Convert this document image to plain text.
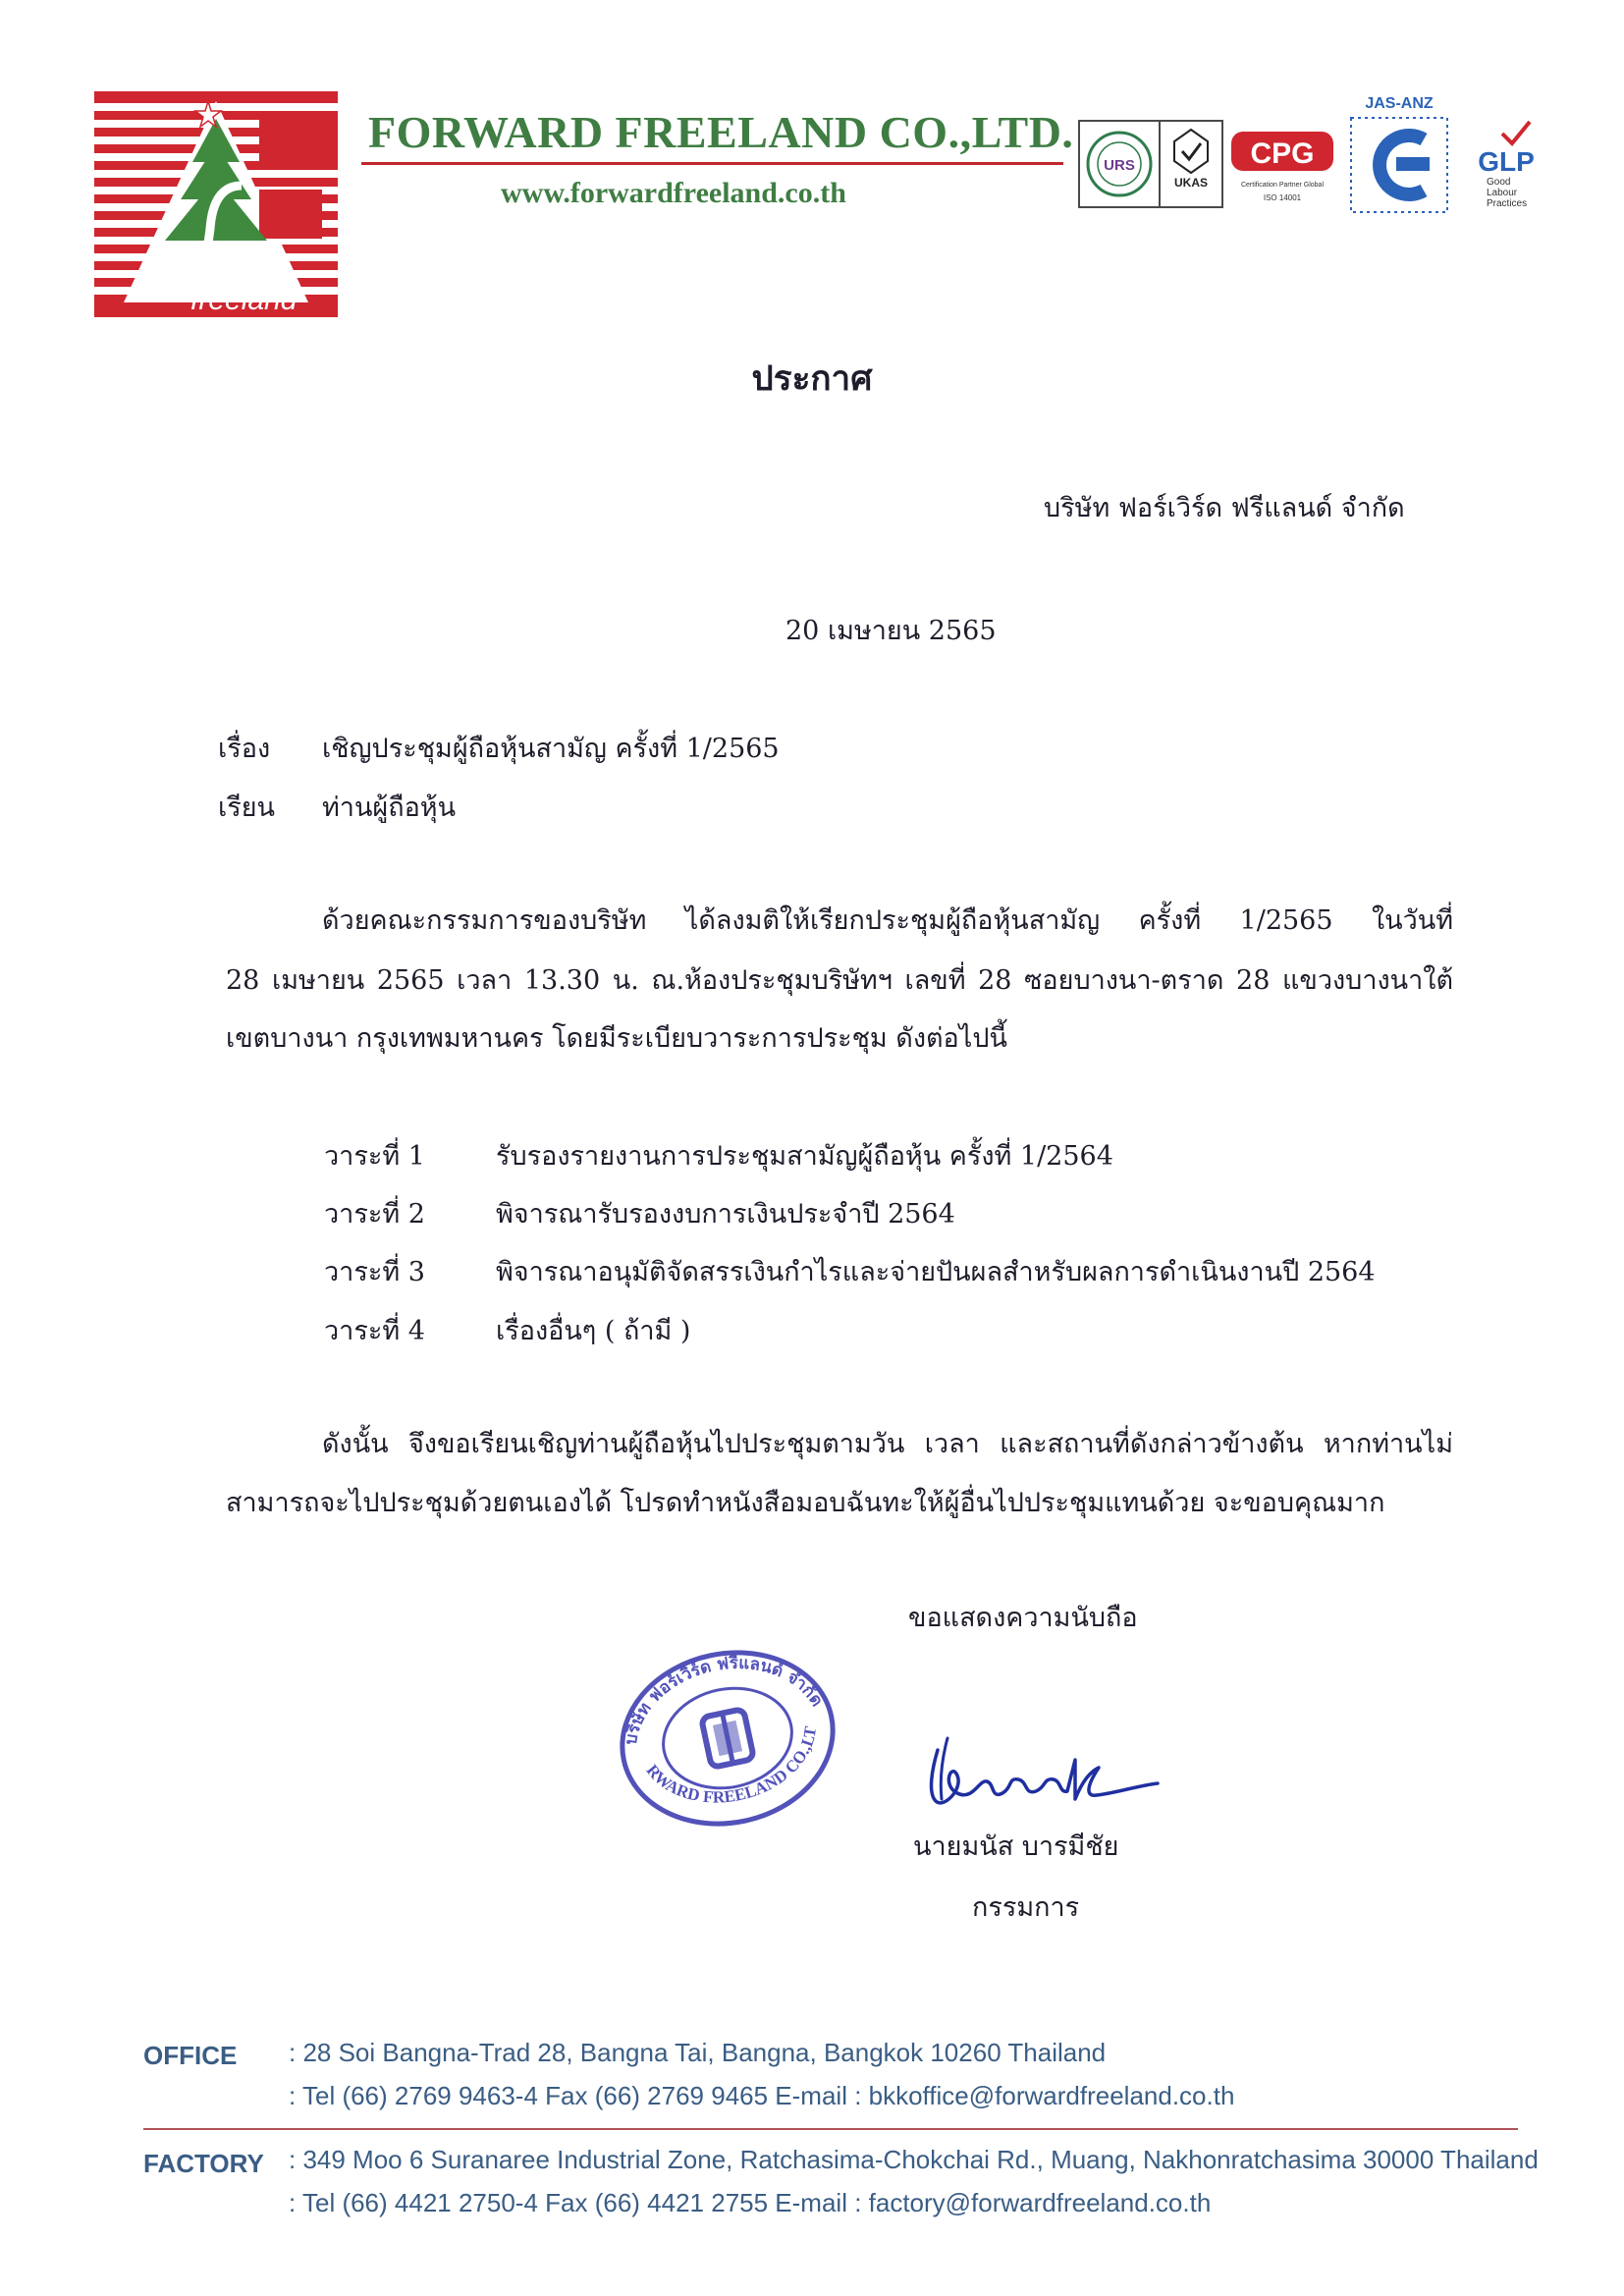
forward
freeland
FORWARD FREELAND CO.,LTD.
www.forwardfreeland.co.th
URS
UKAS
CPG
Certification Partner Global
ISO 14001
JAS-ANZ
GLP
Good
Labour
Practices
ประกาศ
บริษัท ฟอร์เวิร์ด ฟรีแลนด์ จำกัด
20 เมษายน 2565
เรื่อง เชิญประชุมผู้ถือหุ้นสามัญ ครั้งที่ 1/2565
เรียน ท่านผู้ถือหุ้น
ด้วยคณะกรรมการของบริษัท ได้ลงมติให้เรียกประชุมผู้ถือหุ้นสามัญ ครั้งที่ 1/2565 ในวันที่
28 เมษายน 2565 เวลา 13.30 น. ณ.ห้องประชุมบริษัทฯ เลขที่ 28 ซอยบางนา-ตราด 28 แขวงบางนาใต้
เขตบางนา กรุงเทพมหานคร โดยมีระเบียบวาระการประชุม ดังต่อไปนี้
วาระที่ 1	รับรองรายงานการประชุมสามัญผู้ถือหุ้น ครั้งที่ 1/2564
วาระที่ 2	พิจารณารับรองงบการเงินประจำปี 2564
วาระที่ 3	พิจารณาอนุมัติจัดสรรเงินกำไรและจ่ายปันผลสำหรับผลการดำเนินงานปี 2564
วาระที่ 4	เรื่องอื่นๆ ( ถ้ามี )
ดังนั้น จึงขอเรียนเชิญท่านผู้ถือหุ้นไปประชุมตามวัน เวลา และสถานที่ดังกล่าวข้างต้น หากท่านไม่
สามารถจะไปประชุมด้วยตนเองได้ โปรดทำหนังสือมอบฉันทะให้ผู้อื่นไปประชุมแทนด้วย จะขอบคุณมาก
ขอแสดงความนับถือ
บริษัท ฟอร์เวิร์ด ฟรีแลนด์ จำกัด
FORWARD FREELAND CO.,LTD.
นายมนัส บารมีชัย
กรรมการ
OFFICE : 28 Soi Bangna-Trad 28, Bangna Tai, Bangna, Bangkok 10260 Thailand
: Tel (66) 2769 9463-4 Fax (66) 2769 9465 E-mail : bkkoffice@forwardfreeland.co.th
FACTORY : 349 Moo 6 Suranaree Industrial Zone, Ratchasima-Chokchai Rd., Muang, Nakhonratchasima 30000 Thailand
: Tel (66) 4421 2750-4 Fax (66) 4421 2755 E-mail : factory@forwardfreeland.co.th
